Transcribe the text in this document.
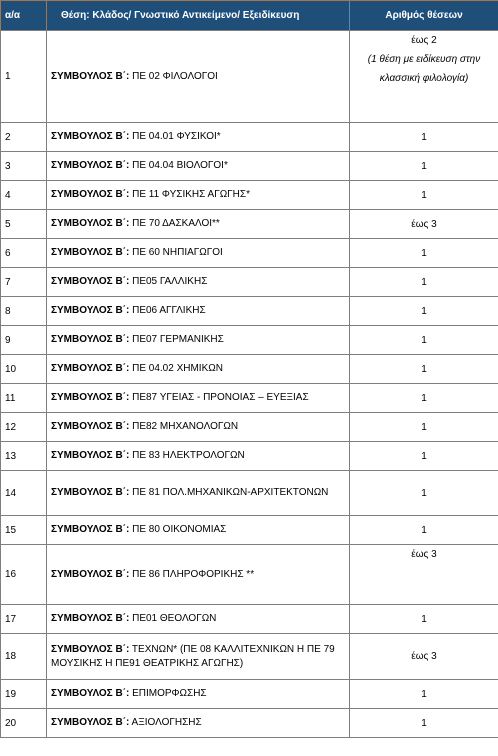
α/α	Θέση: Κλάδος/ Γνωστικό Αντικείμενο/ Εξειδίκευση	Αριθμός θέσεων
1	ΣΥΜΒΟΥΛΟΣ Β΄: ΠΕ 02 ΦΙΛΟΛΟΓΟΙ	έως 2
(1 θέση με ειδίκευση στην κλασσική φιλολογία)

2	ΣΥΜΒΟΥΛΟΣ Β΄: ΠΕ 04.01 ΦΥΣΙΚΟΙ*	1
3	ΣΥΜΒΟΥΛΟΣ Β΄: ΠΕ 04.04 ΒΙΟΛΟΓΟΙ*	1
4	ΣΥΜΒΟΥΛΟΣ Β΄: ΠΕ 11 ΦΥΣΙΚΗΣ ΑΓΩΓΗΣ*	1
5	ΣΥΜΒΟΥΛΟΣ Β΄: ΠΕ 70 ΔΑΣΚΑΛΟΙ**	έως 3
6	ΣΥΜΒΟΥΛΟΣ Β΄: ΠΕ 60 ΝΗΠΙΑΓΩΓΟΙ	1
7	ΣΥΜΒΟΥΛΟΣ Β΄: ΠΕ05 ΓΑΛΛΙΚΗΣ	1
8	ΣΥΜΒΟΥΛΟΣ Β΄: ΠΕ06 ΑΓΓΛΙΚΗΣ	1
9	ΣΥΜΒΟΥΛΟΣ Β΄: ΠΕ07 ΓΕΡΜΑΝΙΚΗΣ	1
10	ΣΥΜΒΟΥΛΟΣ Β΄: ΠΕ 04.02 ΧΗΜΙΚΩΝ	1
11	ΣΥΜΒΟΥΛΟΣ Β΄: ΠΕ87 ΥΓΕΙΑΣ - ΠΡΟΝΟΙΑΣ – ΕΥΕΞΙΑΣ	1
12	ΣΥΜΒΟΥΛΟΣ Β΄: ΠΕ82 ΜΗΧΑΝΟΛΟΓΩΝ	1
13	ΣΥΜΒΟΥΛΟΣ Β΄: ΠΕ 83 ΗΛΕΚΤΡΟΛΟΓΩΝ	1
14	ΣΥΜΒΟΥΛΟΣ Β΄: ΠΕ 81 ΠΟΛ.ΜΗΧΑΝΙΚΩΝ-ΑΡΧΙΤΕΚΤΟΝΩΝ	1
15	ΣΥΜΒΟΥΛΟΣ Β΄: ΠΕ 80 ΟΙΚΟΝΟΜΙΑΣ	1
16	ΣΥΜΒΟΥΛΟΣ Β΄: ΠΕ 86 ΠΛΗΡΟΦΟΡΙΚΗΣ **	έως 3
17	ΣΥΜΒΟΥΛΟΣ Β΄: ΠΕ01 ΘΕΟΛΟΓΩΝ	1
18	ΣΥΜΒΟΥΛΟΣ Β΄: ΤΕΧΝΩΝ* (ΠΕ 08 ΚΑΛΛΙΤΕΧΝΙΚΩΝ Η ΠΕ 79 ΜΟΥΣΙΚΗΣ Η ΠΕ91 ΘΕΑΤΡΙΚΗΣ ΑΓΩΓΗΣ)	έως 3
19	ΣΥΜΒΟΥΛΟΣ Β΄: ΕΠΙΜΟΡΦΩΣΗΣ	1
20	ΣΥΜΒΟΥΛΟΣ Β΄: ΑΞΙΟΛΟΓΗΣΗΣ	1
